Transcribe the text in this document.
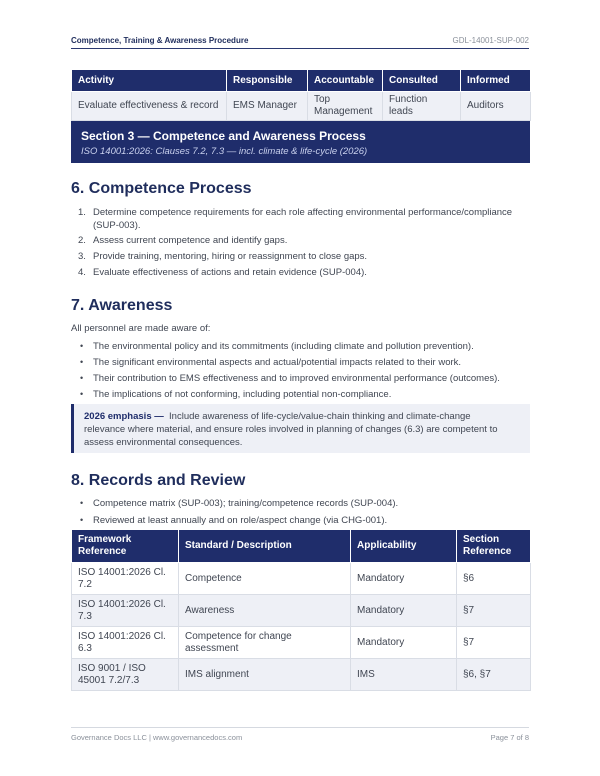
Competence, Training & Awareness Procedure	GDL-14001-SUP-002
Activity	Responsible	Accountable	Consulted	Informed
Evaluate effectiveness & record	EMS Manager	Top Management	Function leads	Auditors
Section 3 — Competence and Awareness Process
ISO 14001:2026: Clauses 7.2, 7.3 — incl. climate & life-cycle (2026)
6. Competence Process
1. Determine competence requirements for each role affecting environmental performance/compliance
(SUP-003).
2. Assess current competence and identify gaps.
3. Provide training, mentoring, hiring or reassignment to close gaps.
4. Evaluate effectiveness of actions and retain evidence (SUP-004).
7. Awareness
All personnel are made aware of:
• The environmental policy and its commitments (including climate and pollution prevention).
• The significant environmental aspects and actual/potential impacts related to their work.
• Their contribution to EMS effectiveness and to improved environmental performance (outcomes).
• The implications of not conforming, including potential non-compliance.
2026 emphasis — Include awareness of life-cycle/value-chain thinking and climate-change
relevance where material, and ensure roles involved in planning of changes (6.3) are competent to
assess environmental consequences.
8. Records and Review
• Competence matrix (SUP-003); training/competence records (SUP-004).
• Reviewed at least annually and on role/aspect change (via CHG-001).
Framework Reference	Standard / Description	Applicability	Section Reference
ISO 14001:2026 Cl. 7.2	Competence	Mandatory	§6
ISO 14001:2026 Cl. 7.3	Awareness	Mandatory	§7
ISO 14001:2026 Cl. 6.3	Competence for change assessment	Mandatory	§7
ISO 9001 / ISO 45001 7.2/7.3	IMS alignment	IMS	§6, §7
Governance Docs LLC | www.governancedocs.com	Page 7 of 8
